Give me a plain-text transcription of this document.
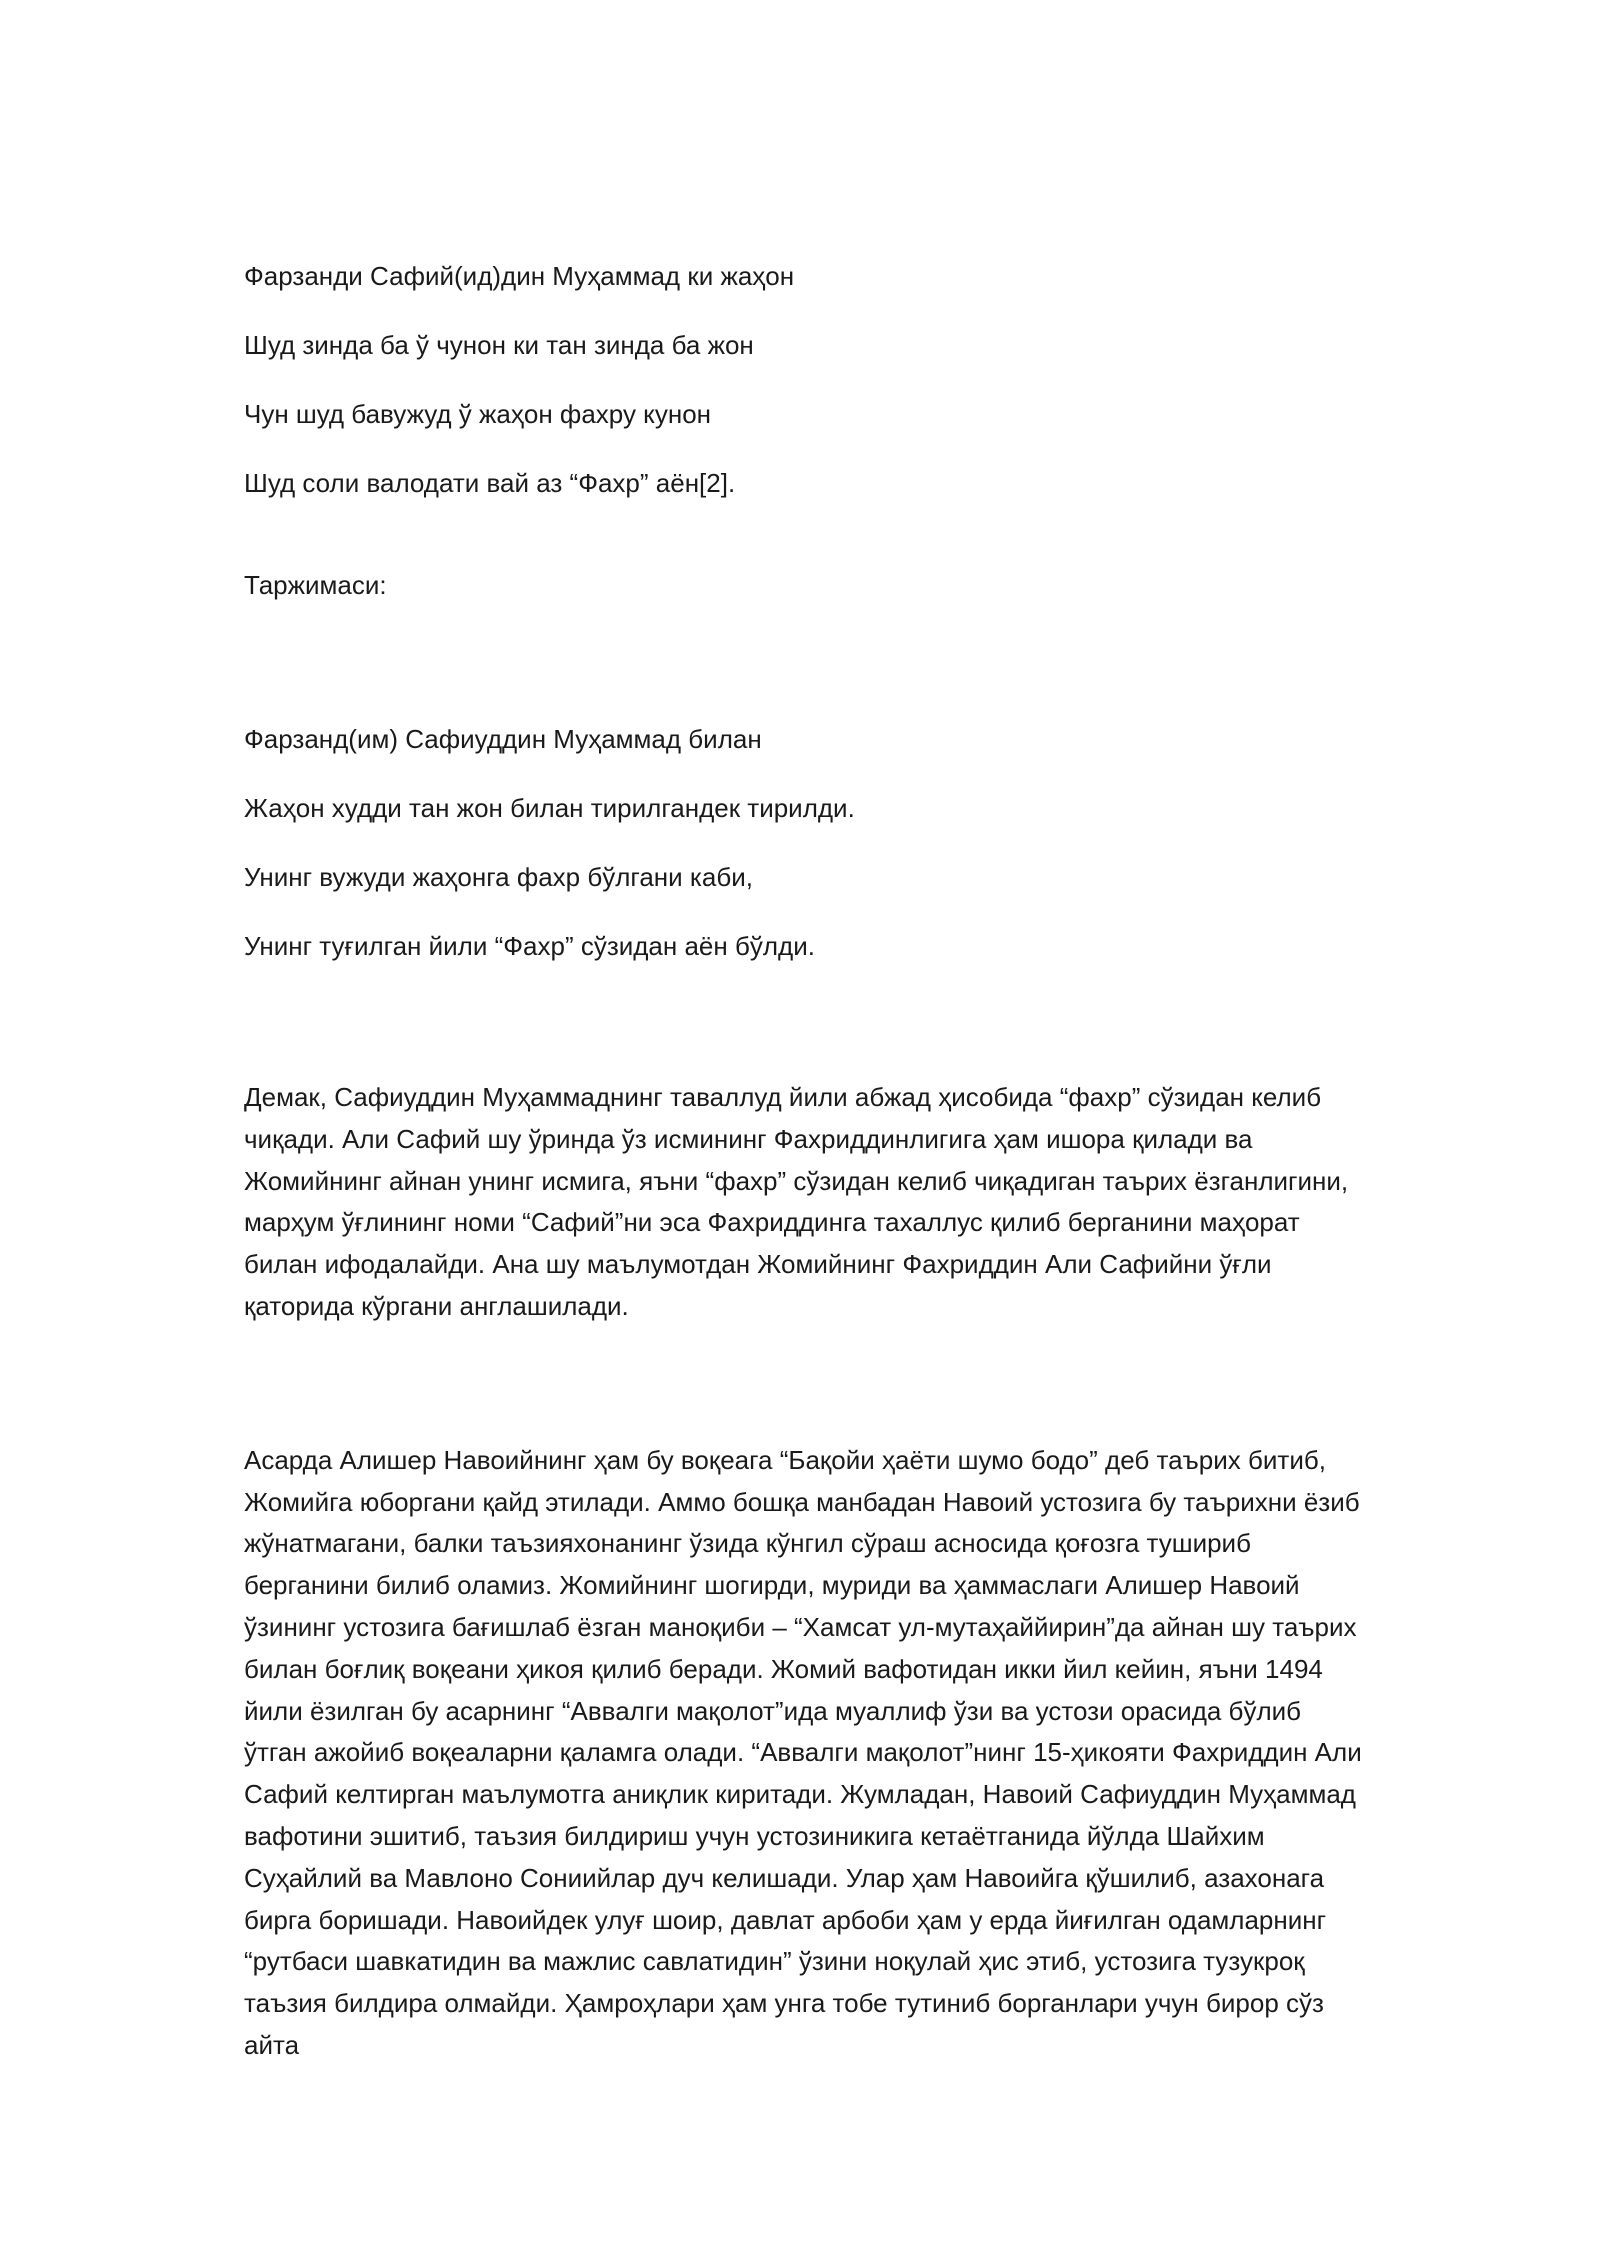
Фарзанди Сафий(ид)дин Муҳаммад ки жаҳон

Шуд зинда ба ў чунон ки тан зинда ба жон

Чун шуд бавужуд ў жаҳон фахру кунон

Шуд соли валодати вай аз “Фахр” аён[2].

Таржимаси:

Фарзанд(им) Сафиуддин Муҳаммад билан

Жаҳон худди тан жон билан тирилгандек тирилди.

Унинг вужуди жаҳонга фахр бўлгани каби,

Унинг туғилган йили “Фахр” сўзидан аён бўлди.

Демак, Сафиуддин Муҳаммаднинг таваллуд йили абжад ҳисобида “фахр” сўзидан келиб чиқади. Али Сафий шу ўринда ўз исмининг Фахриддинлигига ҳам ишора қилади ва Жомийнинг айнан унинг исмига, яъни “фахр” сўзидан келиб чиқадиган таърих ёзганлигини, марҳум ўғлининг номи “Сафий”ни эса Фахриддинга тахаллус қилиб берганини маҳорат билан ифодалайди. Ана шу маълумотдан Жомийнинг Фахриддин Али Сафийни ўғли қаторида кўргани англашилади.

Асарда Алишер Навоийнинг ҳам бу воқеага “Бақойи ҳаёти шумо бодо” деб таърих битиб, Жомийга юборгани қайд этилади. Аммо бошқа манбадан Навоий устозига бу таърихни ёзиб жўнатмагани, балки таъзияхонанинг ўзида кўнгил сўраш асносида қоғозга тушириб берганини билиб оламиз. Жомийнинг шогирди, муриди ва ҳаммаслаги Алишер Навоий ўзининг устозига бағишлаб ёзган маноқиби – “Хамсат ул-мутаҳаййирин”да айнан шу таърих билан боғлиқ воқеани ҳикоя қилиб беради. Жомий вафотидан икки йил кейин, яъни 1494 йили ёзилган бу асарнинг “Аввалги мақолот”ида муаллиф ўзи ва устози орасида бўлиб ўтган ажойиб воқеаларни қаламга олади. “Аввалги мақолот”нинг 15-ҳикояти Фахриддин Али Сафий келтирган маълумотга аниқлик киритади. Жумладан, Навоий Сафиуддин Муҳаммад вафотини эшитиб, таъзия билдириш учун устозиникига кетаётганида йўлда Шайхим Суҳайлий ва Мавлоно Сониийлар дуч келишади. Улар ҳам Навоийга қўшилиб, азахонага бирга боришади. Навоийдек улуғ шоир, давлат арбоби ҳам у ерда йиғилган одамларнинг “рутбаси шавкатидин ва мажлис савлатидин” ўзини ноқулай ҳис этиб, устозига тузукроқ таъзия билдира олмайди. Ҳамроҳлари ҳам унга тобе тутиниб борганлари учун бирор сўз айта
